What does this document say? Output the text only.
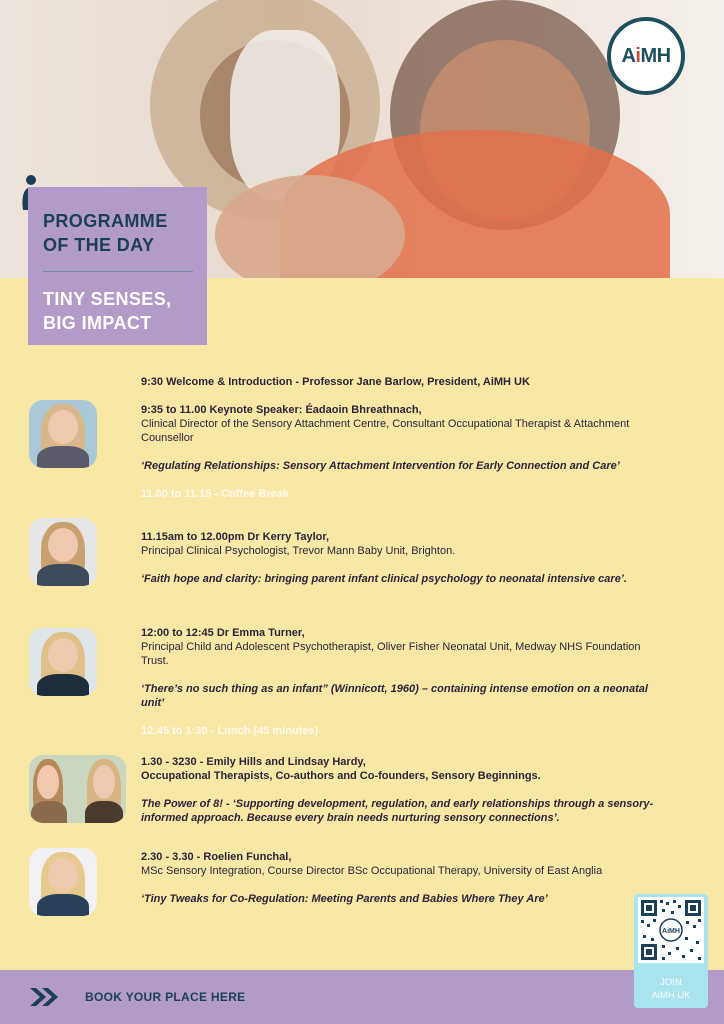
AiMH
PROGRAMME OF THE DAY
TINY SENSES, BIG IMPACT
9:30 Welcome & Introduction - Professor Jane Barlow, President, AiMH UK
9:35 to 11.00 Keynote Speaker: Éadaoin Bhreathnach,
Clinical Director of the Sensory Attachment Centre, Consultant Occupational Therapist & Attachment Counsellor
‘Regulating Relationships: Sensory Attachment Intervention for Early Connection and Care’
11.00 to 11.15 - Coffee Break
11.15am to 12.00pm Dr Kerry Taylor,
Principal Clinical Psychologist, Trevor Mann Baby Unit, Brighton.
‘Faith hope and clarity: bringing parent infant clinical psychology to neonatal intensive care’.
12:00 to 12:45 Dr Emma Turner,
Principal Child and Adolescent Psychotherapist, Oliver Fisher Neonatal Unit, Medway NHS Foundation Trust.
‘There’s no such thing as an infant” (Winnicott, 1960) – containing intense emotion on a neonatal unit’
12:45 to 1:30 - Lunch (45 minutes)
1.30 - 3230 - Emily Hills and Lindsay Hardy,
Occupational Therapists, Co-authors and Co-founders, Sensory Beginnings.
The Power of 8! - ‘Supporting development, regulation, and early relationships through a sensory-informed approach. Because every brain needs nurturing sensory connections’.
2.30 - 3.30 - Roelien Funchal,
MSc Sensory Integration, Course Director BSc Occupational Therapy, University of East Anglia
‘Tiny Tweaks for Co-Regulation: Meeting Parents and Babies Where They Are’
BOOK YOUR PLACE HERE
AiMH
JOIN
AiMH UK
